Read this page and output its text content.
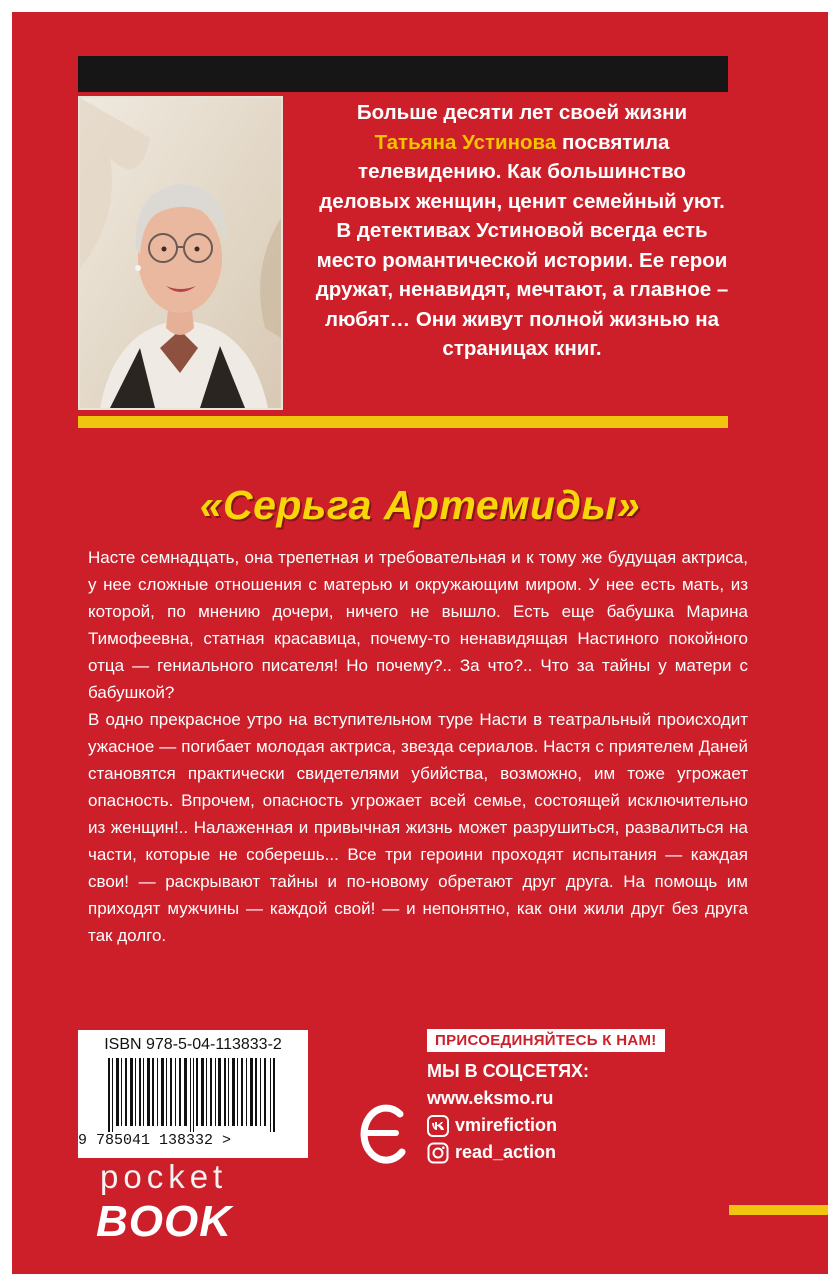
Больше десяти лет своей жизни
Татьяна Устинова посвятила телевидению. Как большинство деловых женщин, ценит семейный уют. В детективах Устиновой всегда есть место романтической истории. Ее герои дружат, ненавидят, мечтают, а главное – любят… Они живут полной жизнью на страницах книг.
«Серьга Артемиды»

Насте семнадцать, она трепетная и требовательная и к тому же будущая актриса, у нее сложные отношения с матерью и окружающим миром. У нее есть мать, из которой, по мнению дочери, ничего не вышло. Есть еще бабушка Марина Тимофеевна, статная красавица, почему-то ненавидящая Настиного покойного отца — гениального писателя! Но почему?.. За что?.. Что за тайны у матери с бабушкой?

В одно прекрасное утро на вступительном туре Насти в театральный происходит ужасное — погибает молодая актриса, звезда сериалов. Настя с приятелем Даней становятся практически свидетелями убийства, возможно, им тоже угрожает опасность. Впрочем, опасность угрожает всей семье, состоящей исключительно из женщин!.. Налаженная и привычная жизнь может разрушиться, развалиться на части, которые не соберешь... Все три героини проходят испытания — каждая свои! — раскрывают тайны и по-новому обретают друг друга. На помощь им приходят мужчины — каждой свой! — и непонятно, как они жили друг без друга так долго.

ISBN 978-5-04-113833-2
9 785041 138332 >
ПРИСОЕДИНЯЙТЕСЬ К НАМ!
МЫ В СОЦСЕТЯХ:
www.eksmo.ru
vmirefiction
read_action
pocket
BOOK
